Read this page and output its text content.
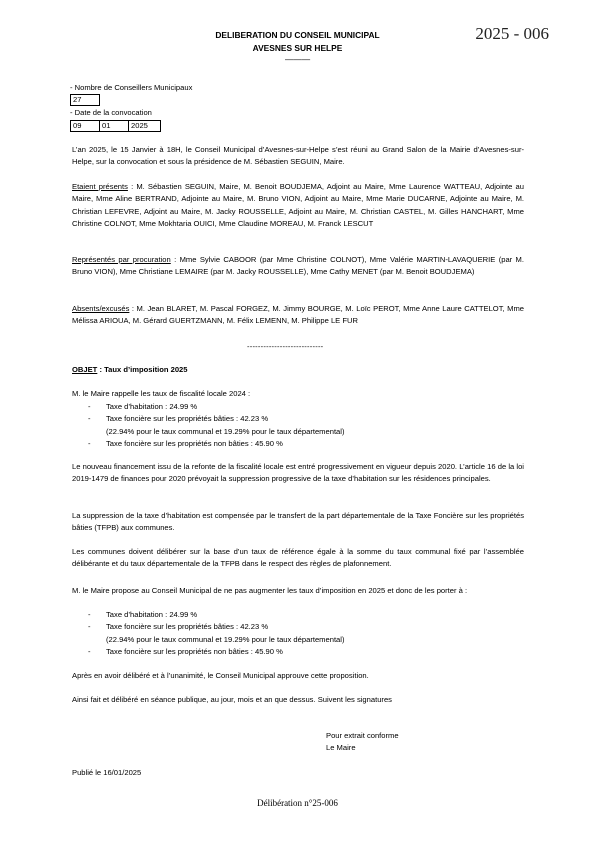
DELIBERATION DU CONSEIL MUNICIPAL
AVESNES SUR HELPE
———
2025 - 006
- Nombre de Conseillers Municipaux
27
- Date de la convocation
09	01	2025

L’an 2025, le 15 Janvier à 18H, le Conseil Municipal d’Avesnes-sur-Helpe s’est réuni au Grand Salon de la Mairie d’Avesnes-sur-Helpe, sur la convocation et sous la présidence de M. Sébastien SEGUIN, Maire.

Etaient présents : M. Sébastien SEGUIN, Maire, M. Benoit BOUDJEMA, Adjoint au Maire, Mme Laurence WATTEAU, Adjointe au Maire, Mme Aline BERTRAND, Adjointe au Maire, M. Bruno VION, Adjoint au Maire, Mme Marie DUCARNE, Adjointe au Maire, M. Christian LEFEVRE, Adjoint au Maire, M. Jacky ROUSSELLE, Adjoint au Maire, M. Christian CASTEL, M. Gilles HANCHART, Mme Christine COLNOT, Mme Mokhtaria OUICI, Mme Claudine MOREAU, M. Franck LESCUT

Représentés par procuration : Mme Sylvie CABOOR (par Mme Christine COLNOT), Mme Valérie MARTIN-LAVAQUERIE (par M. Bruno VION), Mme Christiane LEMAIRE (par M. Jacky ROUSSELLE), Mme Cathy MENET (par M. Benoit BOUDJEMA)

Absents/excusés : M. Jean BLARET, M. Pascal FORGEZ, M. Jimmy BOURGE, M. Loïc PEROT, Mme Anne Laure CATTELOT, Mme Mélissa ARIOUA, M. Gérard GUERTZMANN, M. Félix LEMENN, M. Philippe LE FUR

----------------------------

OBJET : Taux d’imposition 2025

M. le Maire rappelle les taux de fiscalité locale 2024 :

- Taxe d’habitation : 24.99 %
- Taxe foncière sur les propriétés bâties : 42.23 %
(22.94% pour le taux communal et 19.29% pour le taux départemental)
- Taxe foncière sur les propriétés non bâties : 45.90 %

Le nouveau financement issu de la refonte de la fiscalité locale est entré progressivement en vigueur depuis 2020. L’article 16 de la loi 2019-1479 de finances pour 2020 prévoyait la suppression progressive de la taxe d’habitation sur les résidences principales.

La suppression de la taxe d’habitation est compensée par le transfert de la part départementale de la Taxe Foncière sur les propriétés bâties (TFPB) aux communes.

Les communes doivent délibérer sur la base d’un taux de référence égale à la somme du taux communal fixé par l’assemblée délibérante et du taux départementale de la TFPB dans le respect des règles de plafonnement.

M. le Maire propose au Conseil Municipal de ne pas augmenter les taux d’imposition en 2025 et donc de les porter à :

- Taxe d’habitation : 24.99 %
- Taxe foncière sur les propriétés bâties : 42.23 %
(22.94% pour le taux communal et 19.29% pour le taux départemental)
- Taxe foncière sur les propriétés non bâties : 45.90 %

Après en avoir délibéré et à l’unanimité, le Conseil Municipal approuve cette proposition.

Ainsi fait et délibéré en séance publique, au jour, mois et an que dessus. Suivent les signatures

Pour extrait conforme
Le Maire
Publié le 16/01/2025
Délibération n°25-006
